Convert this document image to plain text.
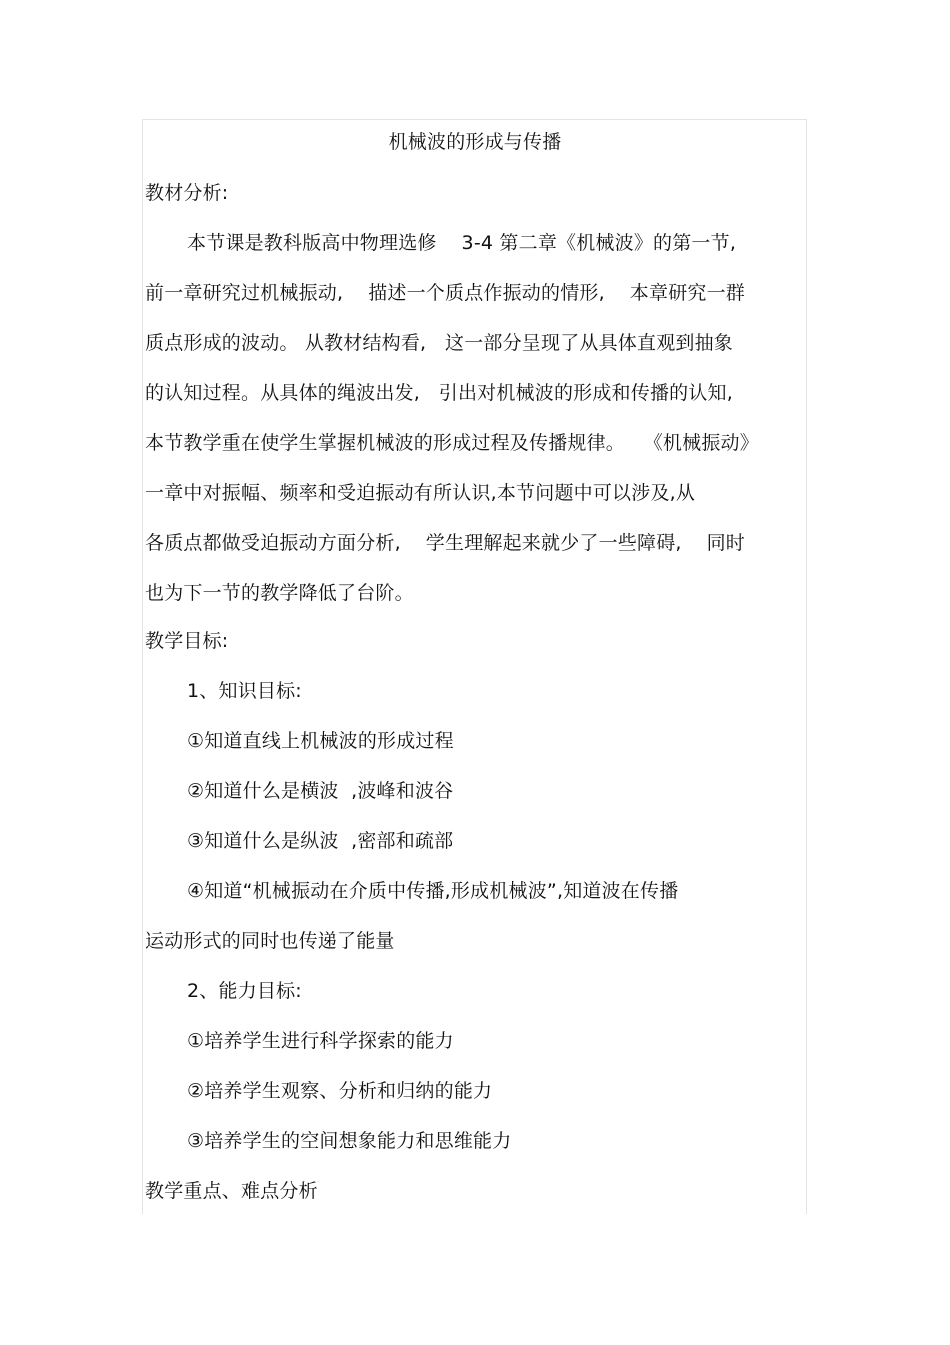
机械波的形成与传播
教材分析:
本节课是教科版高中物理选修    3-4 第二章《机械波》的第一节,
前一章研究过机械振动,    描述一个质点作振动的情形,    本章研究一群
质点形成的波动。 从教材结构看,   这一部分呈现了从具体直观到抽象
的认知过程。从具体的绳波出发,   引出对机械波的形成和传播的认知,
本节教学重在使学生掌握机械波的形成过程及传播规律。   《机械振动》
一章中对振幅、频率和受迫振动有所认识,本节问题中可以涉及,从
各质点都做受迫振动方面分析,    学生理解起来就少了一些障碍,    同时
也为下一节的教学降低了台阶。
教学目标:
1、知识目标:
①知道直线上机械波的形成过程
②知道什么是横波  ,波峰和波谷
③知道什么是纵波  ,密部和疏部
④知道“机械振动在介质中传播,形成机械波”,知道波在传播
运动形式的同时也传递了能量
2、能力目标:
①培养学生进行科学探索的能力
②培养学生观察、分析和归纳的能力
③培养学生的空间想象能力和思维能力
教学重点、难点分析
